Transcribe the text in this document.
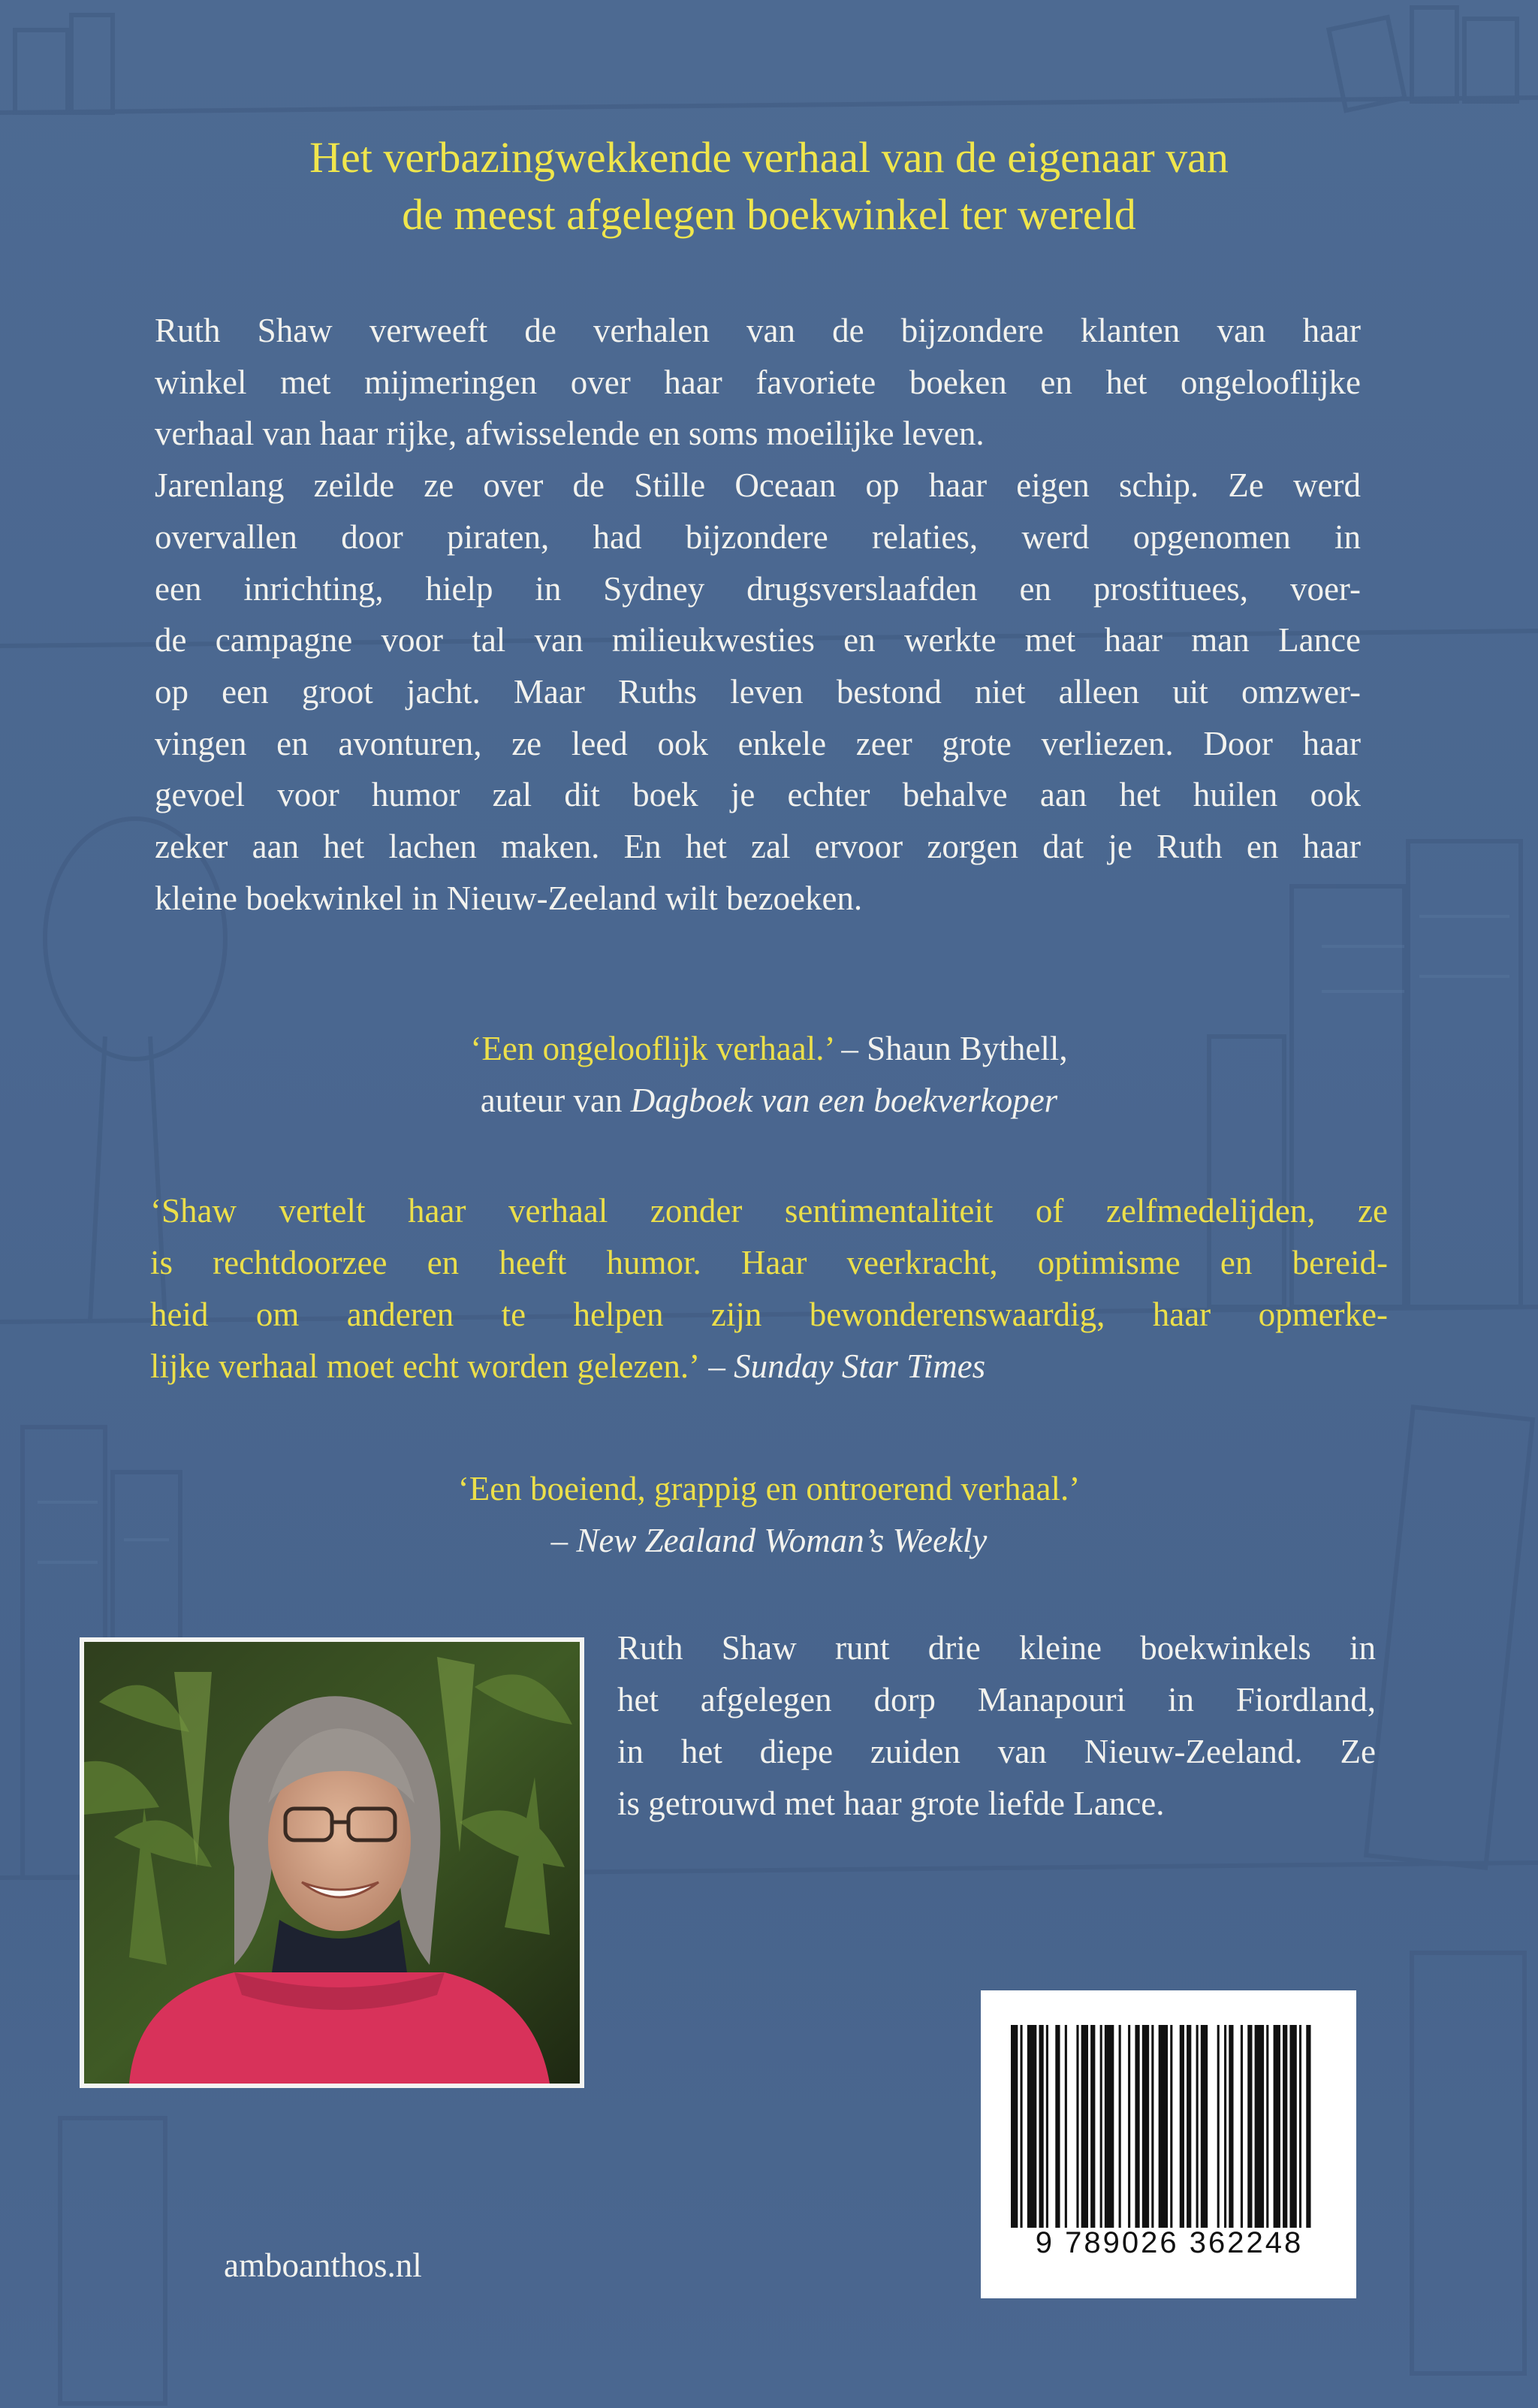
Het verbazingwekkende verhaal van de eigenaar van
de meest afgelegen boekwinkel ter wereld

Ruth Shaw verweeft de verhalen van de bijzondere klanten van haar
winkel met mijmeringen over haar favoriete boeken en het ongelooflijke
verhaal van haar rijke, afwisselende en soms moeilijke leven.
Jarenlang zeilde ze over de Stille Oceaan op haar eigen schip. Ze werd
overvallen door piraten, had bijzondere relaties, werd opgenomen in
een inrichting, hielp in Sydney drugsverslaafden en prostituees, voer-
de campagne voor tal van milieukwesties en werkte met haar man Lance
op een groot jacht. Maar Ruths leven bestond niet alleen uit omzwer-
vingen en avonturen, ze leed ook enkele zeer grote verliezen. Door haar
gevoel voor humor zal dit boek je echter behalve aan het huilen ook
zeker aan het lachen maken. En het zal ervoor zorgen dat je Ruth en haar
kleine boekwinkel in Nieuw-Zeeland wilt bezoeken.

‘Een ongelooflijk verhaal.’ – Shaun Bythell,
auteur van Dagboek van een boekverkoper

‘Shaw vertelt haar verhaal zonder sentimentaliteit of zelfmedelijden, ze
is rechtdoorzee en heeft humor. Haar veerkracht, optimisme en bereid-
heid om anderen te helpen zijn bewonderenswaardig, haar opmerke-
lijke verhaal moet echt worden gelezen.’ – Sunday Star Times

‘Een boeiend, grappig en ontroerend verhaal.’
– New Zealand Woman’s Weekly

Ruth Shaw runt drie kleine boekwinkels in
het afgelegen dorp Manapouri in Fiordland,
in het diepe zuiden van Nieuw-Zeeland. Ze
is getrouwd met haar grote liefde Lance.

amboanthos.nl

9 789026 362248
